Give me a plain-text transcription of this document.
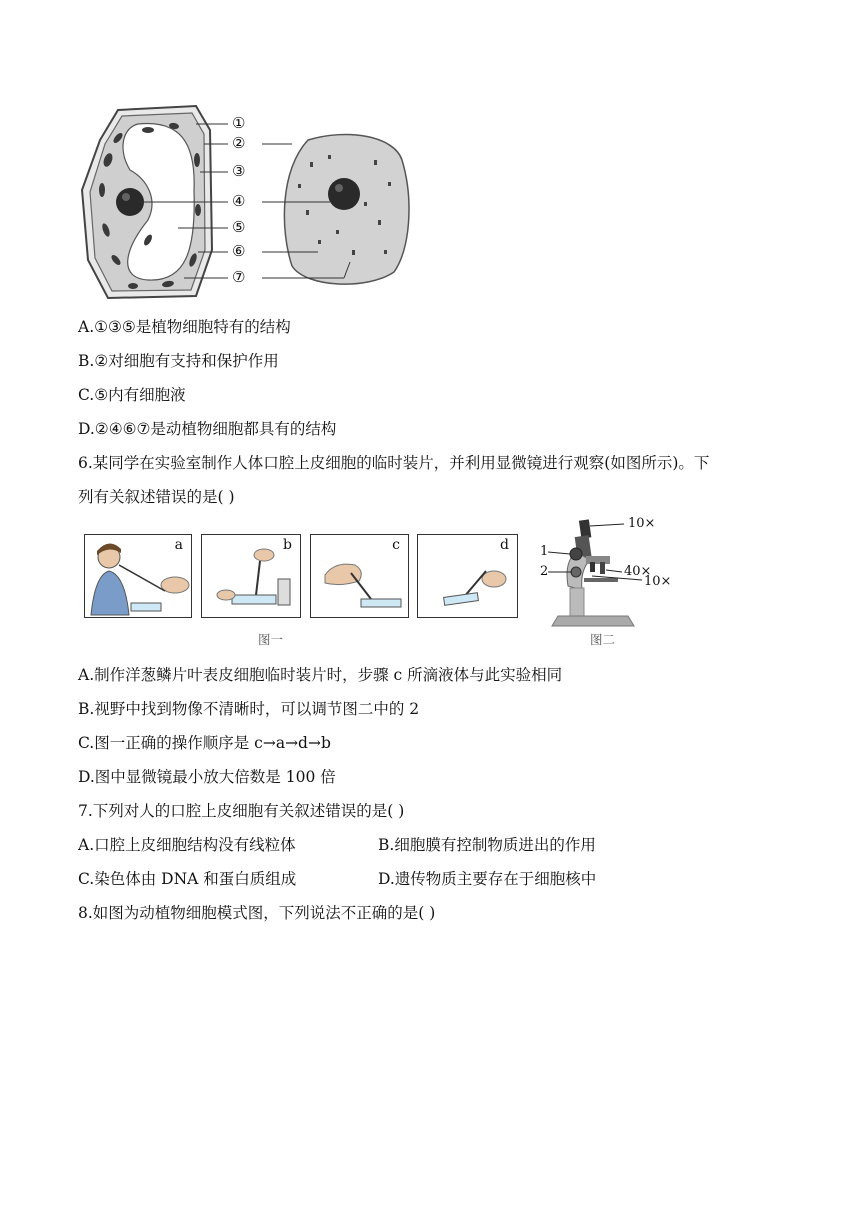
①
②
③
④
⑤
⑥
⑦
A.①③⑤是植物细胞特有的结构
B.②对细胞有支持和保护作用
C.⑤内有细胞液
D.②④⑥⑦是动植物细胞都具有的结构
6.某同学在实验室制作人体口腔上皮细胞的临时装片，并利用显微镜进行观察(如图所示)。下
列有关叙述错误的是( )
a	b	c	d
图一
10×
1
2	40×
10×
图二
A.制作洋葱鳞片叶表皮细胞临时装片时，步骤 c 所滴液体与此实验相同
B.视野中找到物像不清晰时，可以调节图二中的 2
C.图一正确的操作顺序是 c→a→d→b
D.图中显微镜最小放大倍数是 100 倍
7.下列对人的口腔上皮细胞有关叙述错误的是( )
A.口腔上皮细胞结构没有线粒体	B.细胞膜有控制物质进出的作用
C.染色体由 DNA 和蛋白质组成	D.遗传物质主要存在于细胞核中
8.如图为动植物细胞模式图，下列说法不正确的是( )
